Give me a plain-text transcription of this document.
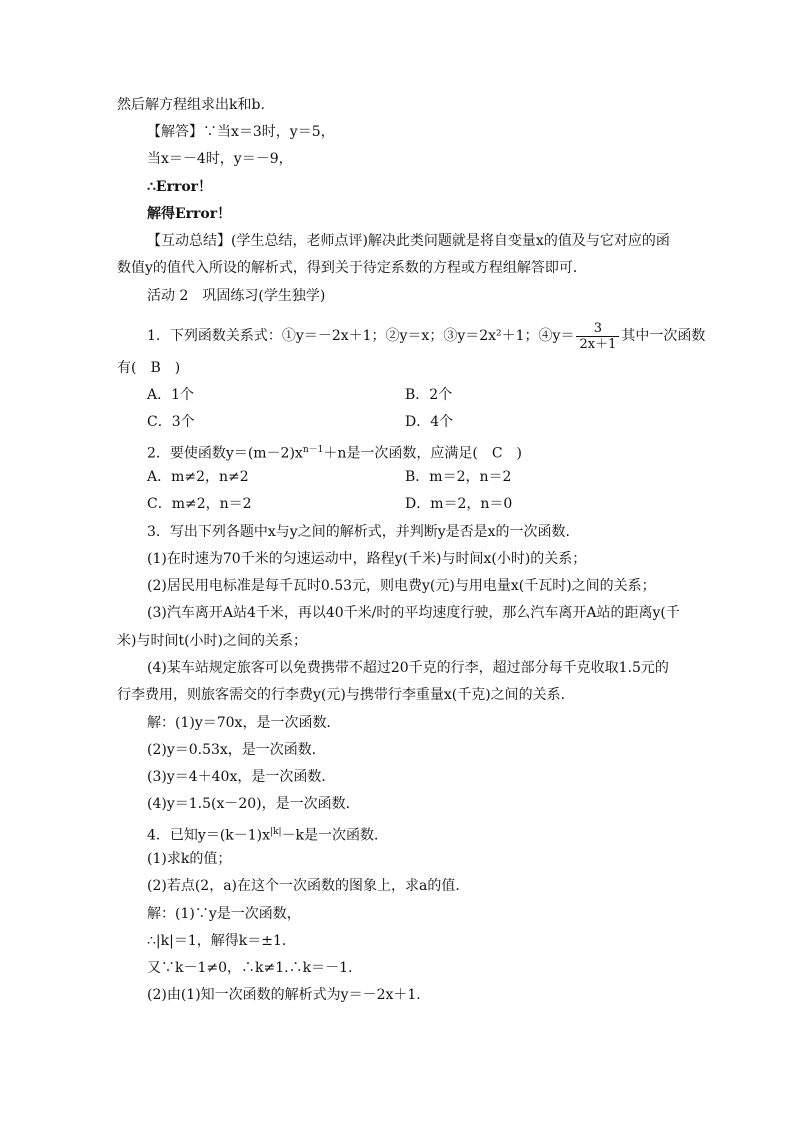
然后解方程组求出k和b.
【解答】∵当x＝3时，y＝5，
当x＝－4时，y＝－9，
∴Error！
解得Error！
【互动总结】(学生总结，老师点评)解决此类问题就是将自变量x的值及与它对应的函
数值y的值代入所设的解析式，得到关于待定系数的方程或方程组解答即可．
活动 2　巩固练习(学生独学)
1．下列函数关系式：①y＝－2x＋1；②y＝x；③y＝2x²＋1；④y＝ $\frac{3}{2x+1}$ 其中一次函数
有(　B　)
A．1个	B．2个
C．3个	D．4个
2．要使函数$y=(m-2)x^{n-1}+n$是一次函数，应满足(　C　)
A．m≠2，n≠2	B．m＝2，n＝2
C．m≠2，n＝2	D．m＝2，n＝0
3．写出下列各题中x与y之间的解析式，并判断y是否是x的一次函数．
(1)在时速为70千米的匀速运动中，路程y(千米)与时间x(小时)的关系；
(2)居民用电标准是每千瓦时0.53元，则电费y(元)与用电量x(千瓦时)之间的关系；
(3)汽车离开A站4千米，再以40千米/时的平均速度行驶，那么汽车离开A站的距离y(千
米)与时间t(小时)之间的关系；
(4)某车站规定旅客可以免费携带不超过20千克的行李，超过部分每千克收取1.5元的
行李费用，则旅客需交的行李费y(元)与携带行李重量x(千克)之间的关系．
解：(1)y＝70x，是一次函数．
(2)y＝0.53x，是一次函数．
(3)y＝4＋40x，是一次函数．
(4)y＝1.5(x－20)，是一次函数．
4．已知$y=(k-1)x^{|k|}-k$是一次函数．
(1)求k的值；
(2)若点(2，a)在这个一次函数的图象上，求a的值．
解：(1)∵y是一次函数，
∴|k|＝1，解得k＝±1.
又∵k－1≠0，∴k≠1.∴k＝－1.
(2)由(1)知一次函数的解析式为y＝－2x＋1.
